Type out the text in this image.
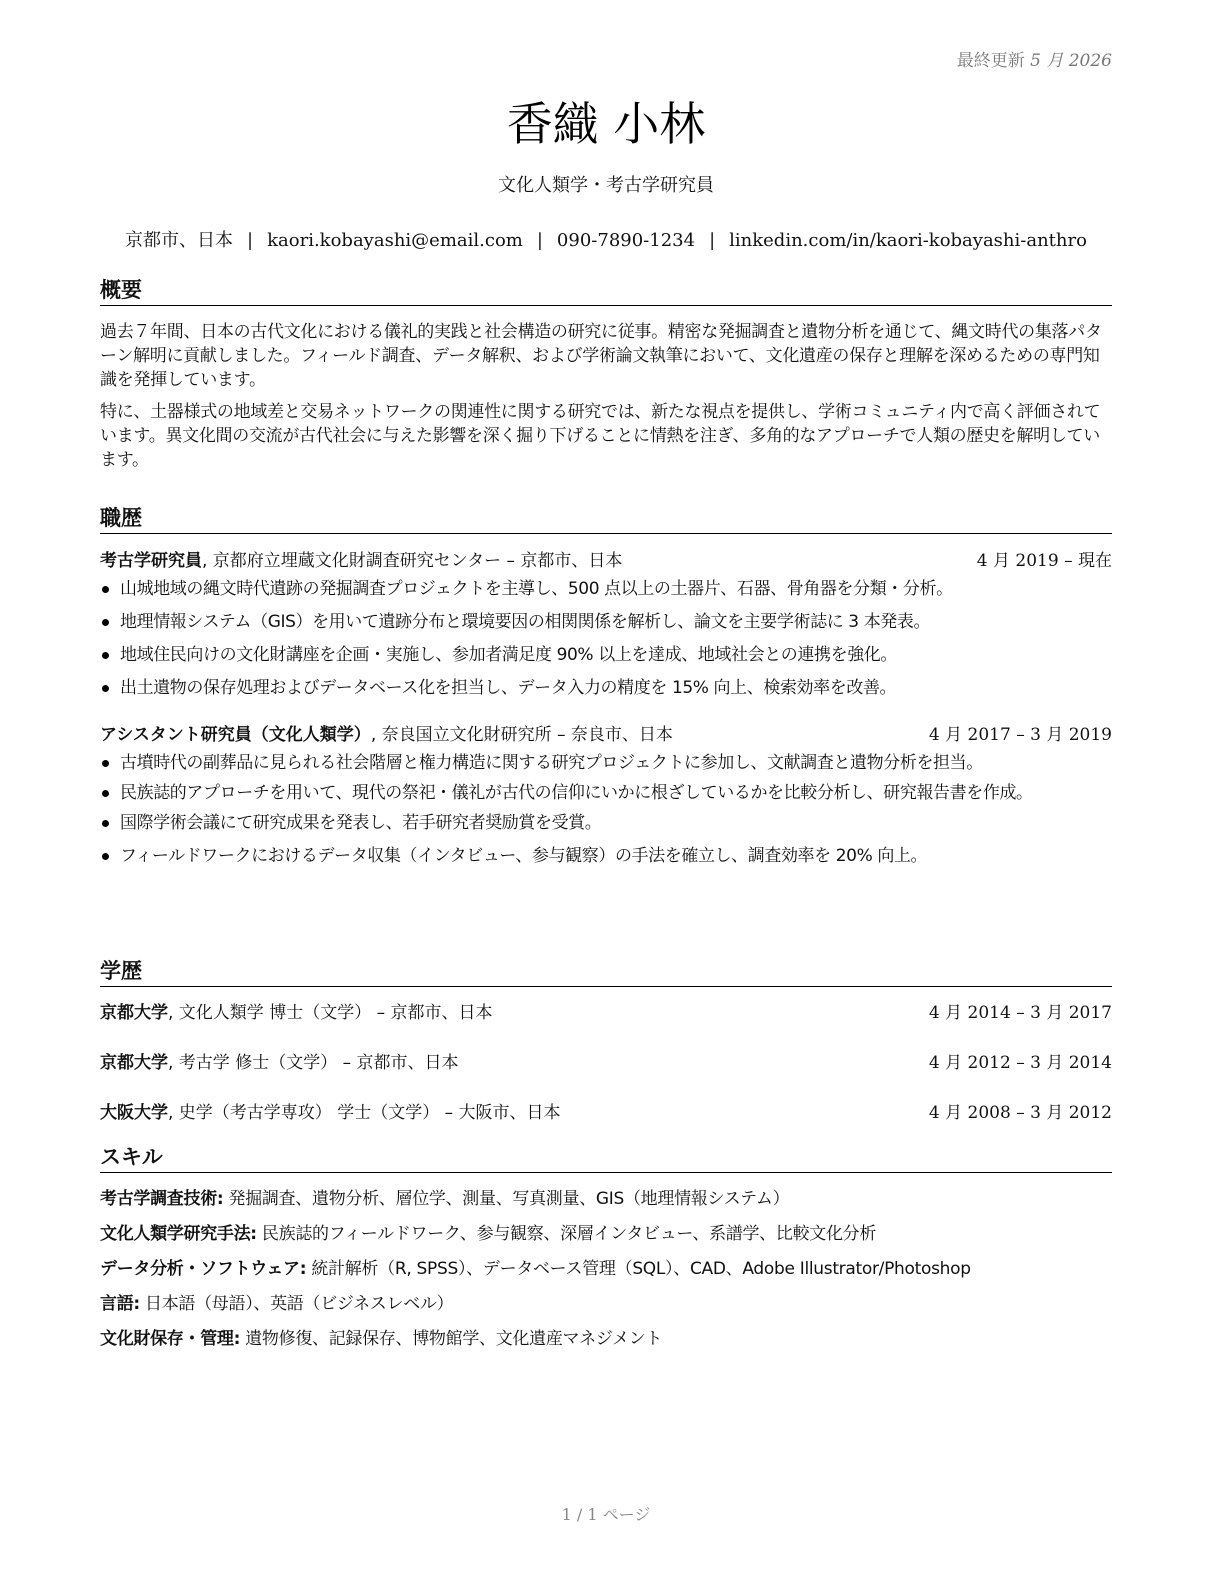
最終更新 5 月 2026
香織 小林
文化人類学・考古学研究員
京都市、日本 | kaori.kobayashi@email.com | 090-7890-1234 | linkedin.com/in/kaori-kobayashi-anthro
概要

過去７年間、日本の古代文化における儀礼的実践と社会構造の研究に従事。精密な発掘調査と遺物分析を通じて、縄文時代の集落パターン解明に貢献しました。フィールド調査、データ解釈、および学術論文執筆において、文化遺産の保存と理解を深めるための専門知識を発揮しています。

特に、土器様式の地域差と交易ネットワークの関連性に関する研究では、新たな視点を提供し、学術コミュニティ内で高く評価されています。異文化間の交流が古代社会に与えた影響を深く掘り下げることに情熱を注ぎ、多角的なアプローチで人類の歴史を解明しています。

職歴
考古学研究員, 京都府立埋蔵文化財調査研究センター – 京都市、日本	4 月 2019 – 現在
山城地域の縄文時代遺跡の発掘調査プロジェクトを主導し、500 点以上の土器片、石器、骨角器を分類・分析。
地理情報システム（GIS）を用いて遺跡分布と環境要因の相関関係を解析し、論文を主要学術誌に 3 本発表。
地域住民向けの文化財講座を企画・実施し、参加者満足度 90% 以上を達成、地域社会との連携を強化。
出土遺物の保存処理およびデータベース化を担当し、データ入力の精度を 15% 向上、検索効率を改善。
アシスタント研究員（文化人類学）, 奈良国立文化財研究所 – 奈良市、日本	4 月 2017 – 3 月 2019
古墳時代の副葬品に見られる社会階層と権力構造に関する研究プロジェクトに参加し、文献調査と遺物分析を担当。
民族誌的アプローチを用いて、現代の祭祀・儀礼が古代の信仰にいかに根ざしているかを比較分析し、研究報告書を作成。
国際学術会議にて研究成果を発表し、若手研究者奨励賞を受賞。
フィールドワークにおけるデータ収集（インタビュー、参与観察）の手法を確立し、調査効率を 20% 向上。
学歴
京都大学, 文化人類学 博士（文学） – 京都市、日本	4 月 2014 – 3 月 2017
京都大学, 考古学 修士（文学） – 京都市、日本	4 月 2012 – 3 月 2014
大阪大学, 史学（考古学専攻） 学士（文学） – 大阪市、日本	4 月 2008 – 3 月 2012
スキル
考古学調査技術: 発掘調査、遺物分析、層位学、測量、写真測量、GIS（地理情報システム）
文化人類学研究手法: 民族誌的フィールドワーク、参与観察、深層インタビュー、系譜学、比較文化分析
データ分析・ソフトウェア: 統計解析（R, SPSS）、データベース管理（SQL）、CAD、Adobe Illustrator/Photoshop
言語: 日本語（母語）、英語（ビジネスレベル）
文化財保存・管理: 遺物修復、記録保存、博物館学、文化遺産マネジメント
1 / 1 ページ
